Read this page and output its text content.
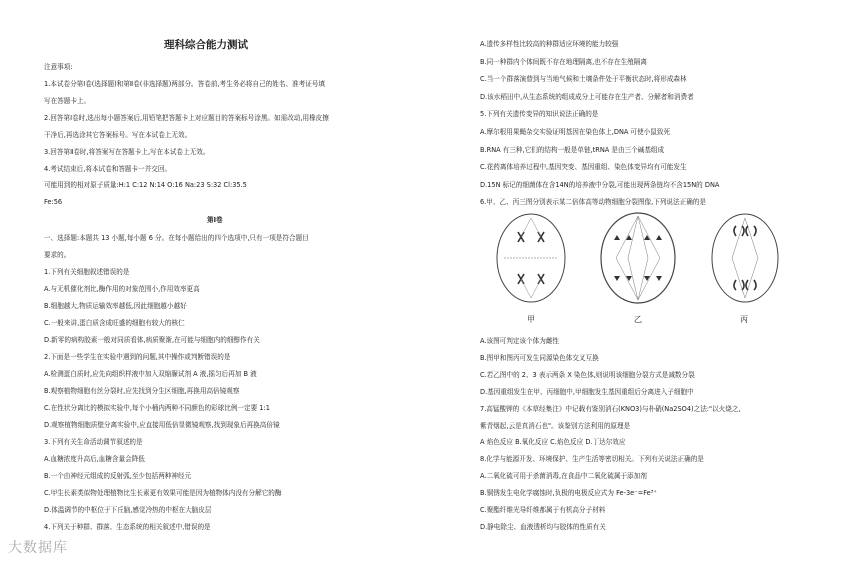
理科综合能力测试
注意事项:
1.本试卷分第Ⅰ卷(选择题)和第Ⅱ卷(非选择题)两部分。答卷前,考生务必将自己的姓名、准考证号填
写在答题卡上。
2.回答第Ⅰ卷时,选出每小题答案后,用铅笔把答题卡上对应题目的答案标号涂黑。如需改动,用橡皮擦
干净后,再选涂其它答案标号。写在本试卷上无效。
3.回答第Ⅱ卷时,将答案写在答题卡上,写在本试卷上无效。
4.考试结束后,将本试卷和答题卡一并交回。
可能用到的相对原子质量:H:1 C:12 N:14 O:16 Na:23 S:32 Cl:35.5
Fe:56
第Ⅰ卷
一、选择题:本题共 13 小题,每小题 6 分。在每小题给出的四个选项中,只有一项是符合题目
要求的。
1.下列有关细胞叙述错误的是
A.与无机催化剂比,酶作用的对象范围小,作用效率更高
B.细胞越大,物质运输效率越低,因此细胞越小越好
C.一般来讲,蛋白质含成旺盛的细胞有较大的核仁
D.新零的病构胶素一般对同质看体,病质聚渐,在可能与细胞内的细醇作有关
2.下面是一些学生在实验中遇到的问题,其中操作或判断错误的是
A.检测蛋白质时,应先向组织样液中加入双缩脲试剂 A 液,摇匀后再加 B 液
B.观察植物细胞有丝分裂时,应先找到分生区细胞,再换用高倍镜观察
C.在性状分离比的模拟实验中,每个小桶内两种不同颜色的彩球比例一定要 1:1
D.观察植物细胞质壁分离实验中,应直接用低倍显微镜观察,找到现象后再换高倍镜
3.下列有关生命活动调节叙述的是
A.血糖浓度升高后,血糖含量会降低
B.一个由神经元组成的反射弧,至少包括两种神经元
C.甲生长素类似物处理植物比生长素更有效果可能是因为植物体内没有分解它的酶
D.体温调节的中枢位于下丘脑,感觉冷热的中枢在大脑皮层
4.下列关于种群、群落、生态系统的相关叙述中,错误的是
A.遗传多样性比较高的种群适应环境的能力较强
B.同一种群内个体间既不存在地理隔离,也不存在生殖隔离
C.当一个群落演替到与当地气候和土壤条件处于平衡状态时,将形成森林
D.该水稻田中,从生态系统的组成成分上可能存在生产者、分解者和消费者
5.下列有关遗传变异的知识说法正确的是
A.摩尔根用果蝇杂交实验证明基因在染色体上,DNA 可使小鼠致死
B.RNA 有三种,它们的结构一般是单链,tRNA 是由三个碱基组成
C.花药离体培养过程中,基因突变、基因重组、染色体变异均有可能发生
D.15N 标记的细菌体在含14N的培养液中分裂,可能出现两条链均不含15N的 DNA
6.甲、乙、丙三图分别表示某二倍体高等动物细胞分裂图像,下列说法正确的是
A.该图可判定该个体为雌性
B.图甲和图丙可发生同源染色体交叉互换
C.若乙图中的 2、3 表示两条 X 染色体,则说明该细胞分裂方式是减数分裂
D.基因重组发生在甲、丙细胞中,甲细胞发生基因重组后分离进入子细胞中
7.高锰酸钾的《本草经集注》中记载有鉴别消石(KNO3)与朴硝(Na2SO4)之法:"以火烧之,
紫青烟起,云是真消石也"。该鉴别方法利用的原理是
A 焰色反应 B.氧化反应 C.焰色反应 D.丁达尔效应
8.化学与能源开发、环境保护、生产生活等密切相关。下列有关说法正确的是
A.二氧化硫可用于杀菌消毒,在食品中二氧化硫属于添加剂
B.铜锈发生电化学腐蚀时,负极的电极反应式为 Fe-3e⁻=Fe³⁺
C.聚酯纤维光导纤维都属于有机高分子材料
D.静电除尘、血液透析均与胶体的性质有关
甲	乙	丙
大数据库
